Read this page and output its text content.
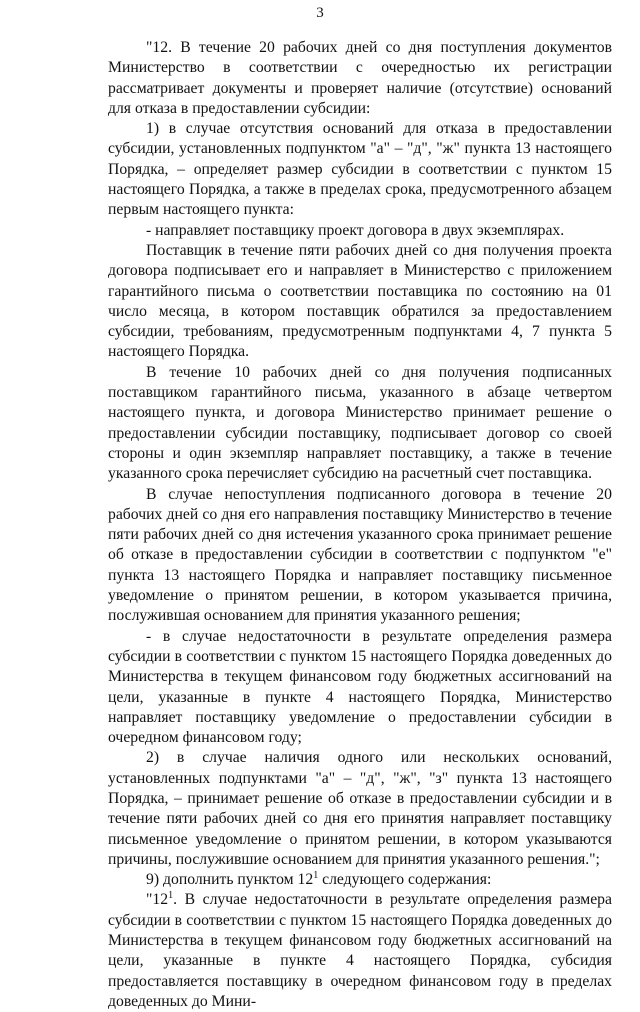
3

"12. В течение 20 рабочих дней со дня поступления документов Министерство в соответствии с очередностью их регистрации рассматривает документы и проверяет наличие (отсутствие) оснований для отказа в предоставлении субсидии:

1) в случае отсутствия оснований для отказа в предоставлении субсидии, установленных подпунктом "а" – "д", "ж" пункта 13 настоящего Порядка, – определяет размер субсидии в соответствии с пунктом 15 настоящего Порядка, а также в пределах срока, предусмотренного абзацем первым настоящего пункта:

- направляет поставщику проект договора в двух экземплярах.

Поставщик в течение пяти рабочих дней со дня получения проекта договора подписывает его и направляет в Министерство с приложением гарантийного письма о соответствии поставщика по состоянию на 01 число месяца, в котором поставщик обратился за предоставлением субсидии, требованиям, предусмотренным подпунктами 4, 7 пункта 5 настоящего Порядка.

В течение 10 рабочих дней со дня получения подписанных поставщиком гарантийного письма, указанного в абзаце четвертом настоящего пункта, и договора Министерство принимает решение о предоставлении субсидии поставщику, подписывает договор со своей стороны и один экземпляр направляет поставщику, а также в течение указанного срока перечисляет субсидию на расчетный счет поставщика.

В случае непоступления подписанного договора в течение 20 рабочих дней со дня его направления поставщику Министерство в течение пяти рабочих дней со дня истечения указанного срока принимает решение об отказе в предоставлении субсидии в соответствии с подпунктом "е" пункта 13 настоящего Порядка и направляет поставщику письменное уведомление о принятом решении, в котором указывается причина, послужившая основанием для принятия указанного решения;

- в случае недостаточности в результате определения размера субсидии в соответствии с пунктом 15 настоящего Порядка доведенных до Министерства в текущем финансовом году бюджетных ассигнований на цели, указанные в пункте 4 настоящего Порядка, Министерство направляет поставщику уведомление о предоставлении субсидии в очередном финансовом году;

2) в случае наличия одного или нескольких оснований, установленных подпунктами "а" – "д", "ж", "з" пункта 13 настоящего Порядка, – принимает решение об отказе в предоставлении субсидии и в течение пяти рабочих дней со дня его принятия направляет поставщику письменное уведомление о принятом решении, в котором указываются причины, послужившие основанием для принятия указанного решения.";

9) дополнить пунктом $12^1$ следующего содержания:

"$12^1$. В случае недостаточности в результате определения размера субсидии в соответствии с пунктом 15 настоящего Порядка доведенных до Министерства в текущем финансовом году бюджетных ассигнований на цели, указанные в пункте 4 настоящего Порядка, субсидия предоставляется поставщику в очередном финансовом году в пределах доведенных до Мини-
